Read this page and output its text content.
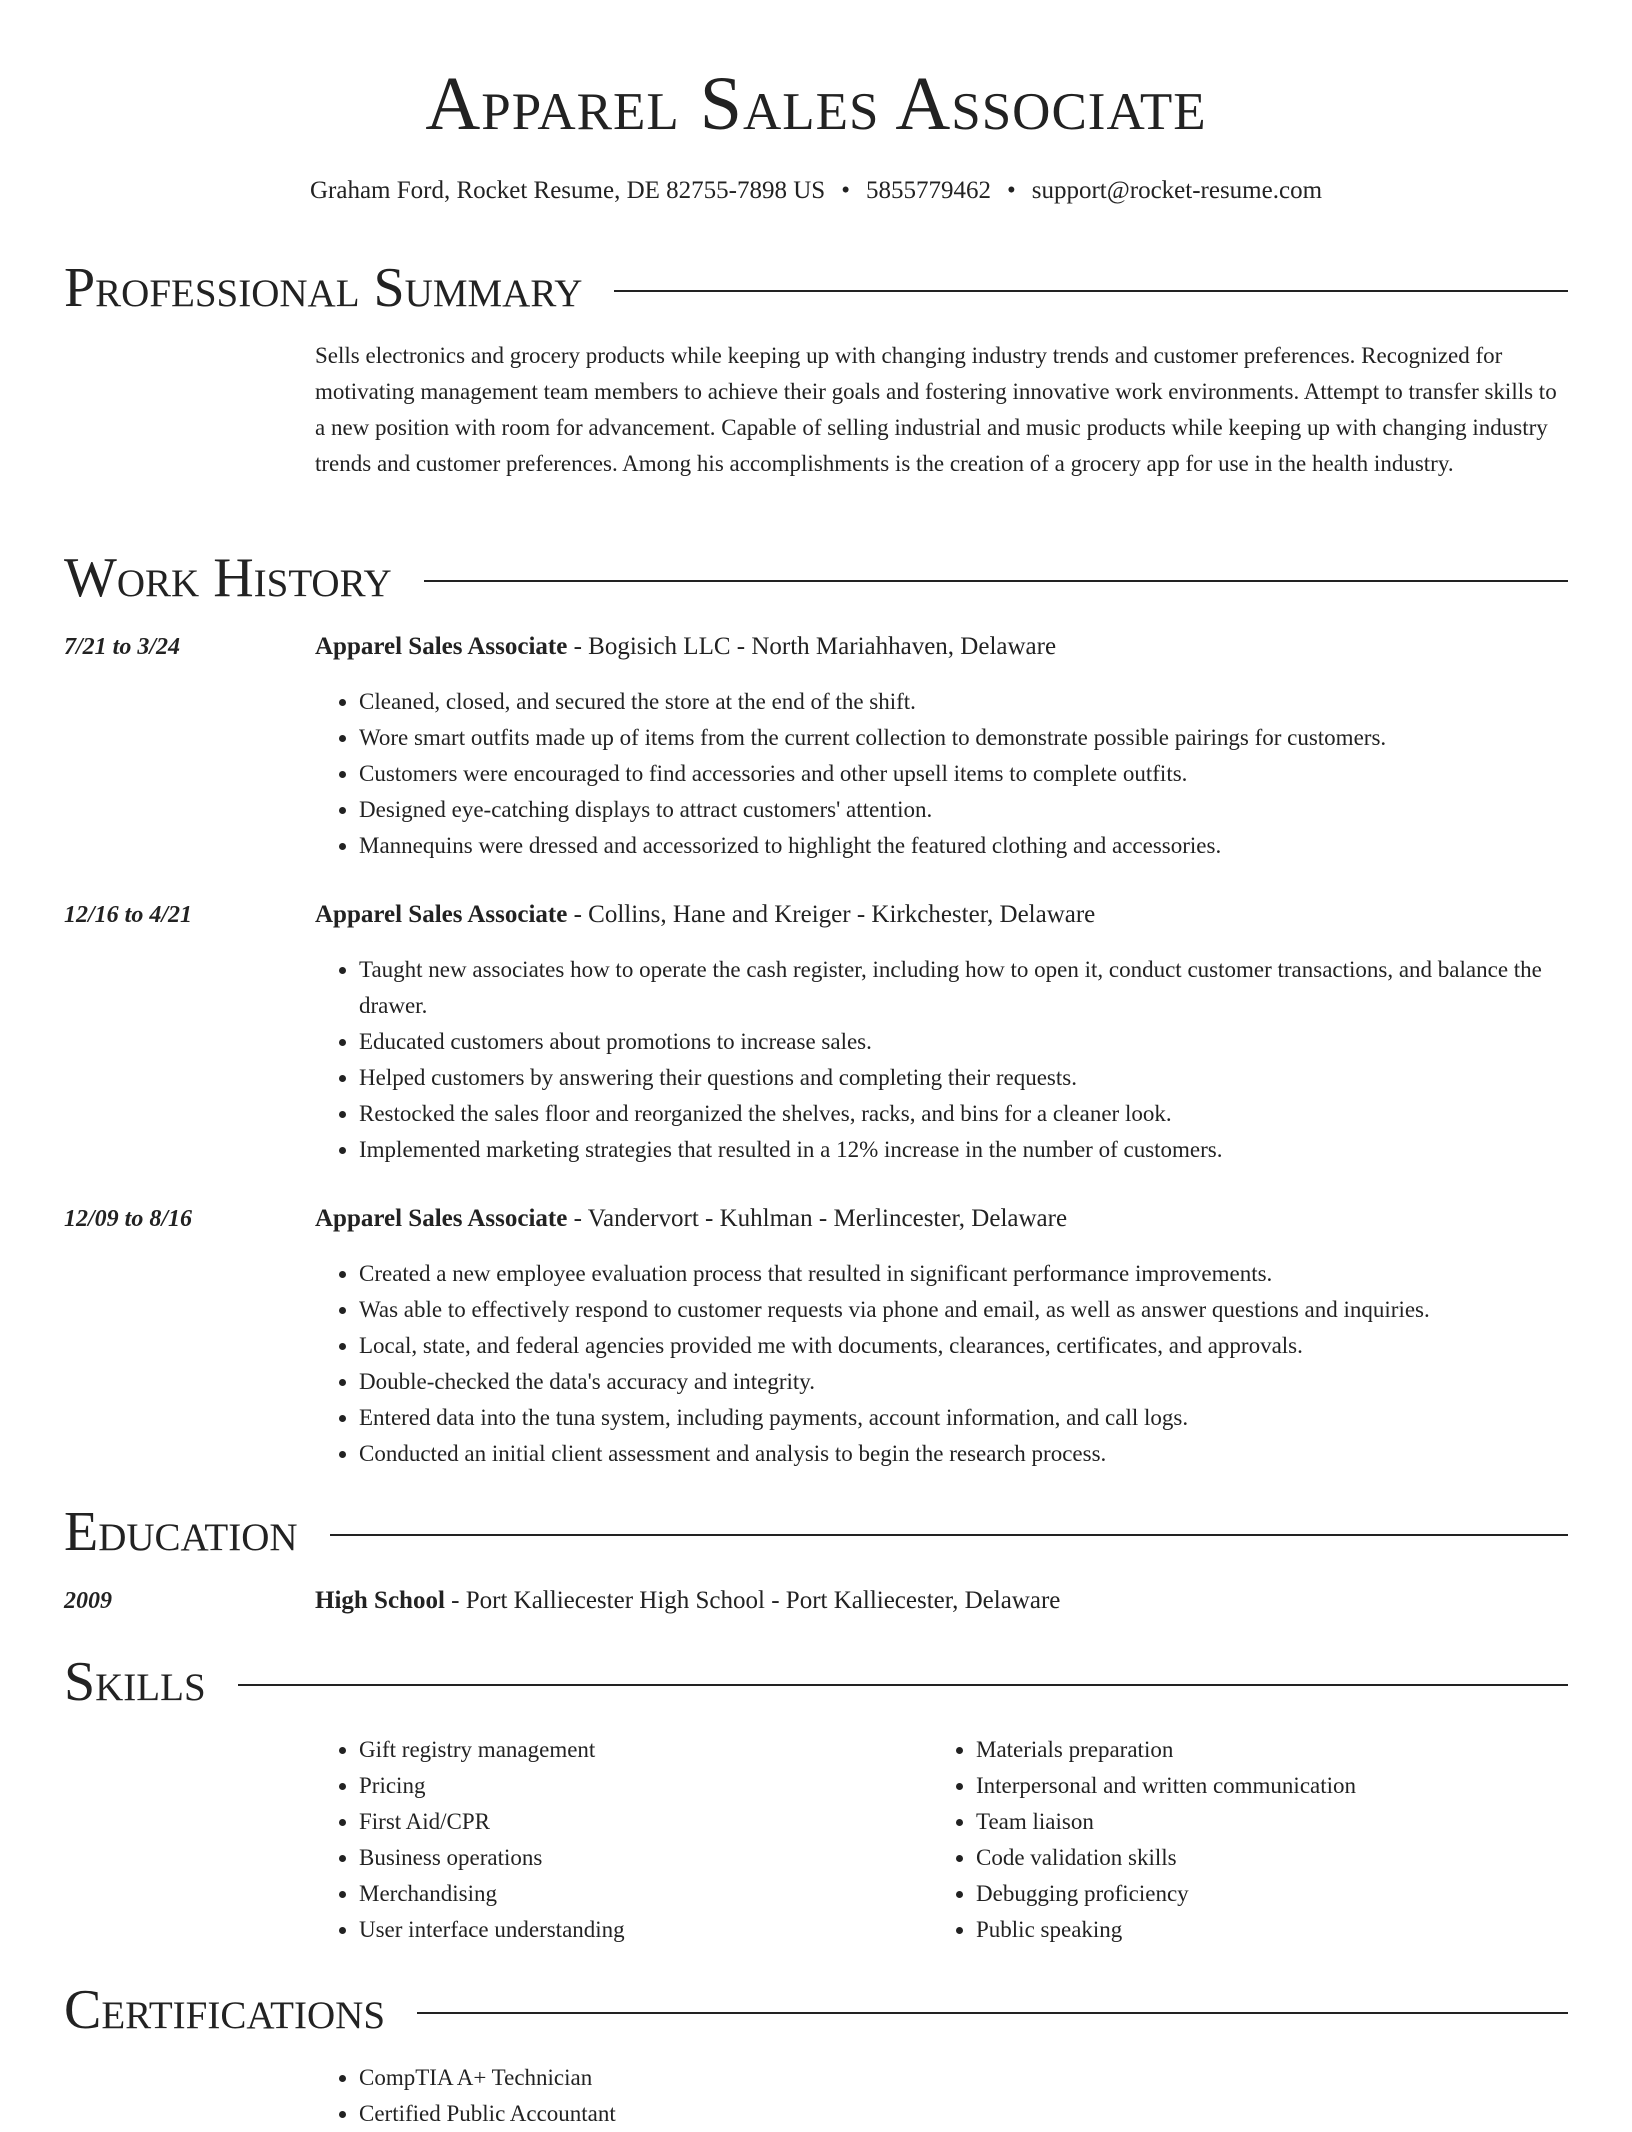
Apparel Sales Associate
Graham Ford, Rocket Resume, DE 82755-7898 US • 5855779462 • support@rocket-resume.com
Professional Summary
Sells electronics and grocery products while keeping up with changing industry trends and customer preferences. Recognized for motivating management team members to achieve their goals and fostering innovative work environments. Attempt to transfer skills to a new position with room for advancement. Capable of selling industrial and music products while keeping up with changing industry trends and customer preferences. Among his accomplishments is the creation of a grocery app for use in the health industry.
Work History
7/21 to 3/24	Apparel Sales Associate - Bogisich LLC - North Mariahhaven, Delaware
• Cleaned, closed, and secured the store at the end of the shift.
• Wore smart outfits made up of items from the current collection to demonstrate possible pairings for customers.
• Customers were encouraged to find accessories and other upsell items to complete outfits.
• Designed eye-catching displays to attract customers' attention.
• Mannequins were dressed and accessorized to highlight the featured clothing and accessories.
12/16 to 4/21	Apparel Sales Associate - Collins, Hane and Kreiger - Kirkchester, Delaware
• Taught new associates how to operate the cash register, including how to open it, conduct customer transactions, and balance the drawer.
• Educated customers about promotions to increase sales.
• Helped customers by answering their questions and completing their requests.
• Restocked the sales floor and reorganized the shelves, racks, and bins for a cleaner look.
• Implemented marketing strategies that resulted in a 12% increase in the number of customers.
12/09 to 8/16	Apparel Sales Associate - Vandervort - Kuhlman - Merlincester, Delaware
• Created a new employee evaluation process that resulted in significant performance improvements.
• Was able to effectively respond to customer requests via phone and email, as well as answer questions and inquiries.
• Local, state, and federal agencies provided me with documents, clearances, certificates, and approvals.
• Double-checked the data's accuracy and integrity.
• Entered data into the tuna system, including payments, account information, and call logs.
• Conducted an initial client assessment and analysis to begin the research process.
Education
2009	High School - Port Kalliecester High School - Port Kalliecester, Delaware
Skills
• Gift registry management
• Pricing
• First Aid/CPR
• Business operations
• Merchandising
• User interface understanding
• Materials preparation
• Interpersonal and written communication
• Team liaison
• Code validation skills
• Debugging proficiency
• Public speaking
Certifications
• CompTIA A+ Technician
• Certified Public Accountant
